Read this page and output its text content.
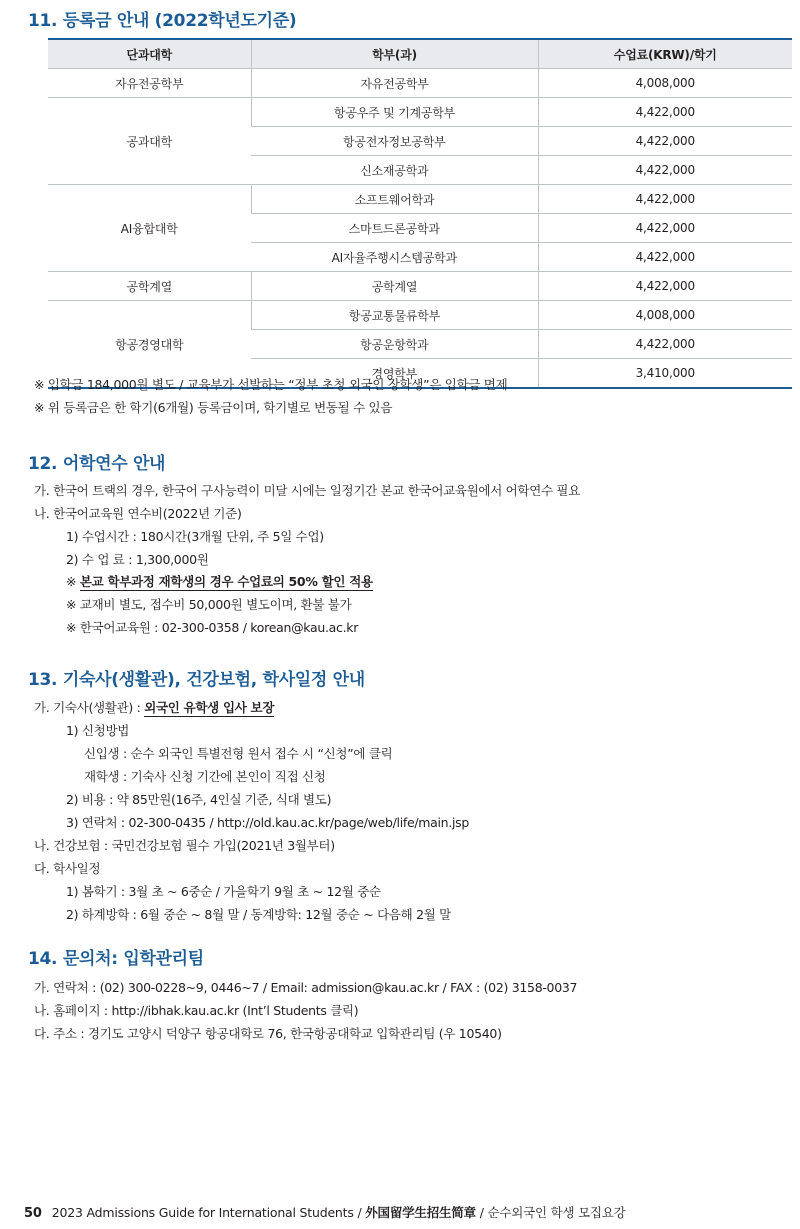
11. 등록금 안내 (2022학년도기준)
단과대학	학부(과)	수업료(KRW)/학기
자유전공학부	자유전공학부	4,008,000
공과대학	항공우주 및 기계공학부	4,422,000
	항공전자정보공학부	4,422,000
	신소재공학과	4,422,000
AI융합대학	소프트웨어학과	4,422,000
	스마트드론공학과	4,422,000
	AI자율주행시스템공학과	4,422,000
공학계열	공학계열	4,422,000
항공경영대학	항공교통물류학부	4,008,000
	항공운항학과	4,422,000
	경영학부	3,410,000
※ 입학금 184,000원 별도 / 교육부가 선발하는 “정부 초청 외국인 장학생”은 입학금 면제
※ 위 등록금은 한 학기(6개월) 등록금이며, 학기별로 변동될 수 있음
12. 어학연수 안내
가. 한국어 트랙의 경우, 한국어 구사능력이 미달 시에는 일정기간 본교 한국어교육원에서 어학연수 필요
나. 한국어교육원 연수비(2022년 기준)
1) 수업시간 : 180시간(3개월 단위, 주 5일 수업)
2) 수 업 료 : 1,300,000원
※ 본교 학부과정 재학생의 경우 수업료의 50% 할인 적용
※ 교재비 별도, 접수비 50,000원 별도이며, 환불 불가
※ 한국어교육원 : 02-300-0358 / korean@kau.ac.kr
13. 기숙사(생활관), 건강보험, 학사일정 안내
가. 기숙사(생활관) : 외국인 유학생 입사 보장
1) 신청방법
신입생 : 순수 외국인 특별전형 원서 접수 시 “신청”에 클릭
재학생 : 기숙사 신청 기간에 본인이 직접 신청
2) 비용 : 약 85만원(16주, 4인실 기준, 식대 별도)
3) 연락처 : 02-300-0435 / http://old.kau.ac.kr/page/web/life/main.jsp
나. 건강보험 : 국민건강보험 필수 가입(2021년 3월부터)
다. 학사일정
1) 봄학기 : 3월 초 ~ 6중순 / 가을학기 9월 초 ~ 12월 중순
2) 하계방학 : 6월 중순 ~ 8월 말 / 동계방학: 12월 중순 ~ 다음해 2월 말
14. 문의처: 입학관리팀
가. 연락처 : (02) 300-0228~9, 0446~7 / Email: admission@kau.ac.kr / FAX : (02) 3158-0037
나. 홈페이지 : http://ibhak.kau.ac.kr (Int’l Students 클릭)
다. 주소 : 경기도 고양시 덕양구 항공대학로 76, 한국항공대학교 입학관리팀 (우 10540)
50 2023 Admissions Guide for International Students / 外国留学生招生简章 / 순수외국인 학생 모집요강
